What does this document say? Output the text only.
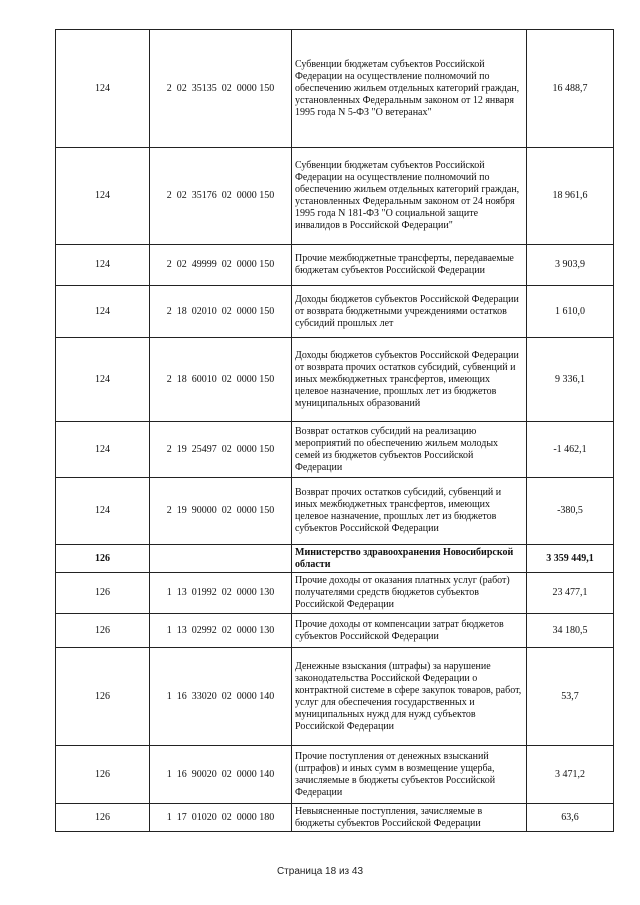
124	2  02  35135  02  0000 150	Субвенции бюджетам субъектов Российской Федерации на осуществление полномочий по обеспечению жильем отдельных категорий граждан, установленных Федеральным законом от 12 января 1995 года N 5-ФЗ "О ветеранах"	16 488,7
124	2  02  35176  02  0000 150	Субвенции бюджетам субъектов Российской Федерации на осуществление полномочий по обеспечению жильем отдельных категорий граждан, установленных Федеральным законом от 24 ноября 1995 года N 181-ФЗ "О социальной защите инвалидов в Российской Федерации"	18 961,6
124	2  02  49999  02  0000 150	Прочие межбюджетные трансферты, передаваемые бюджетам субъектов Российской Федерации	3 903,9
124	2  18  02010  02  0000 150	Доходы бюджетов субъектов Российской Федерации от возврата бюджетными учреждениями остатков субсидий прошлых лет	1 610,0
124	2  18  60010  02  0000 150	Доходы бюджетов субъектов Российской Федерации от возврата прочих остатков субсидий, субвенций и иных межбюджетных трансфертов, имеющих целевое назначение, прошлых лет из бюджетов муниципальных образований	9 336,1
124	2  19  25497  02  0000 150	Возврат остатков субсидий на реализацию мероприятий по обеспечению жильем молодых семей из бюджетов субъектов Российской Федерации	-1 462,1
124	2  19  90000  02  0000 150	Возврат прочих остатков субсидий, субвенций и иных межбюджетных трансфертов, имеющих целевое назначение, прошлых лет из бюджетов субъектов Российской Федерации	-380,5
126		Министерство здравоохранения Новосибирской области	3 359 449,1
126	1  13  01992  02  0000 130	Прочие доходы от оказания платных услуг (работ) получателями средств бюджетов субъектов Российской Федерации	23 477,1
126	1  13  02992  02  0000 130	Прочие доходы от компенсации затрат бюджетов субъектов Российской Федерации	34 180,5
126	1  16  33020  02  0000 140	Денежные взыскания (штрафы) за нарушение законодательства Российской Федерации о контрактной системе в сфере закупок товаров, работ, услуг для обеспечения государственных и муниципальных нужд для нужд субъектов Российской Федерации	53,7
126	1  16  90020  02  0000 140	Прочие поступления от денежных взысканий (штрафов) и иных сумм в возмещение ущерба, зачисляемые в бюджеты субъектов Российской Федерации	3 471,2
126	1  17  01020  02  0000 180	Невыясненные поступления, зачисляемые в бюджеты субъектов Российской Федерации	63,6
Страница 18 из 43
